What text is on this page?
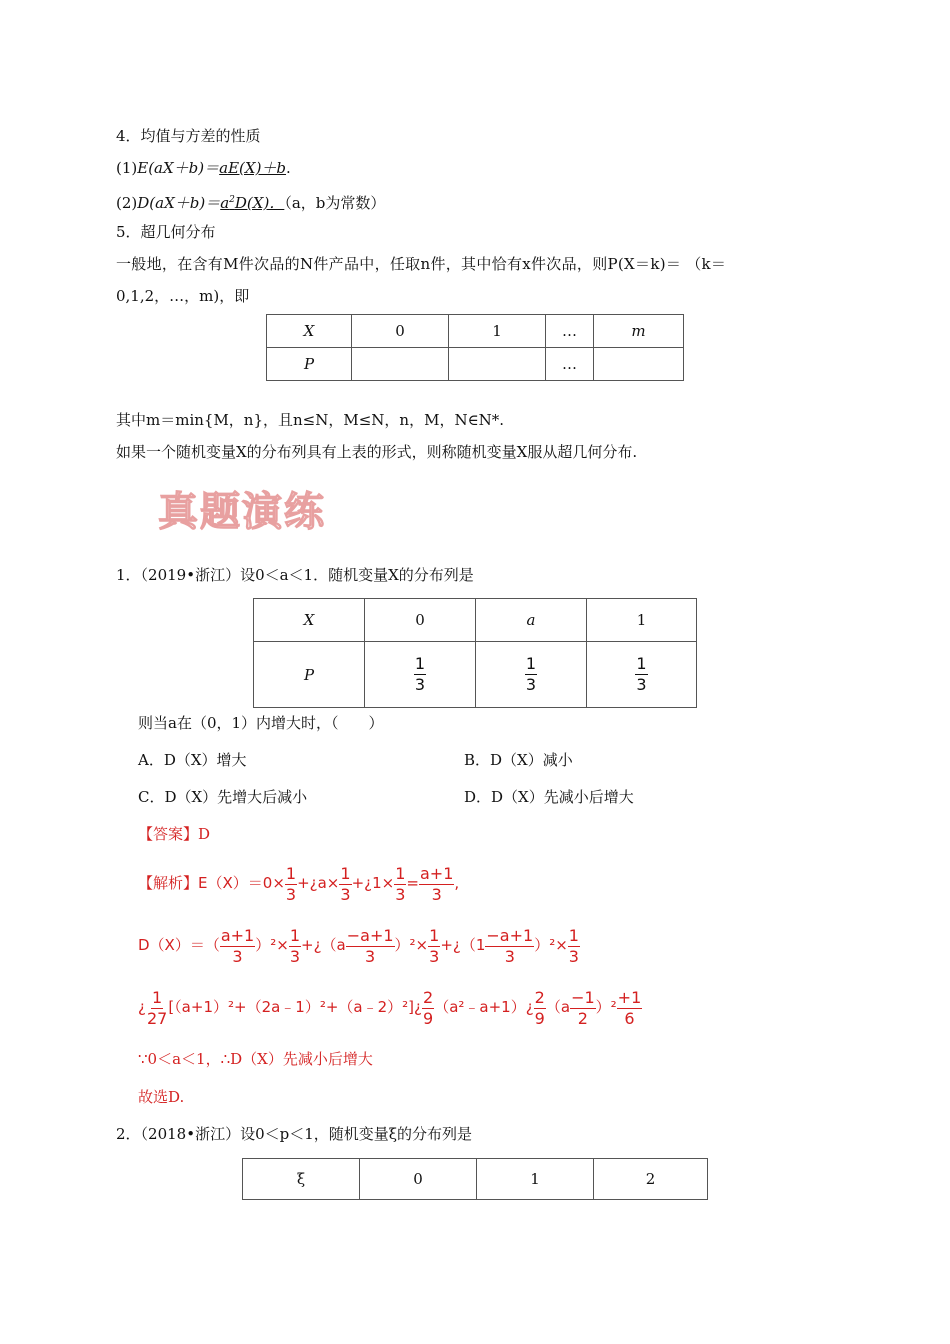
4．均值与方差的性质
(1)E(aX＋b)＝aE(X)＋b.
$(2)D(aX+b)=a^2D(X)$．（a，b为常数）
5．超几何分布
一般地，在含有M件次品的N件产品中，任取n件，其中恰有x件次品，则P(X＝k)＝ （k＝
0,1,2，…，m)，即
X	0	1	…	m
P			…	
其中m＝min{M，n}，且n≤N，M≤N，n，M，N∈N*.
如果一个随机变量X的分布列具有上表的形式，则称随机变量X服从超几何分布.
真题演练
1．（2019•浙江）设0＜a＜1．随机变量X的分布列是
X	0	a	1
P	$\frac{1}{3}$	$\frac{1}{3}$	$\frac{1}{3}$
则当a在（0，1）内增大时，（　　）
A．D（X）增大	B．D（X）减小
C．D（X）先增大后减小	D．D（X）先减小后增大
【答案】D
【解析】$E(X)=0\times \frac{1}{3}$ +¿a× $\frac{1}{3}$ +¿1× $\frac{1}{3} = \frac{a+1}{3}$ ,
$D(X)=( \frac{a+1}{3} )^2\times \frac{1}{3}$ +¿（a $\frac{-a+1}{3} )^2\times \frac{1}{3}$ +¿（1 $\frac{-a+1}{3} )^2\times \frac{1}{3}$
¿ $\frac{1}{27}$ [（a+1）²+（2a﹣1）²+（a﹣2）²]¿ $\frac{2}{9}$ （a²﹣a+1）¿ $\frac{2}{9} (a \frac{-1}{2} )^2 \frac{+1}{6}$
∵0＜a＜1，∴D（X）先减小后增大
故选D.
2．（2018•浙江）设0＜p＜1，随机变量ξ的分布列是
ξ	0	1	2
